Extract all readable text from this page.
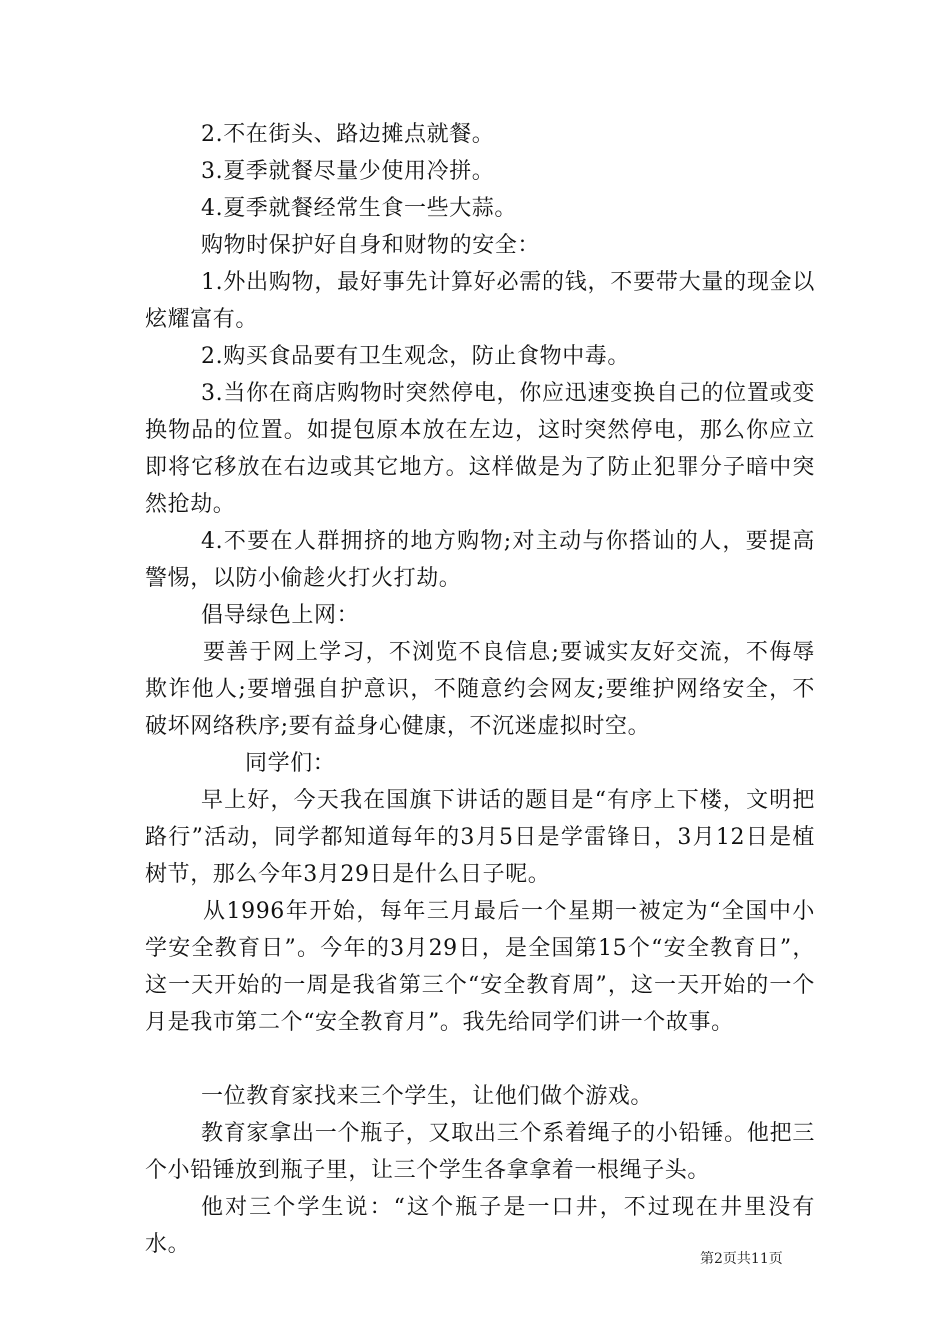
2.不在街头、路边摊点就餐。

3.夏季就餐尽量少使用冷拼。

4.夏季就餐经常生食一些大蒜。

购物时保护好自身和财物的安全：

1.外出购物，最好事先计算好必需的钱，不要带大量的现金以炫耀富有。

2.购买食品要有卫生观念，防止食物中毒。

3.当你在商店购物时突然停电，你应迅速变换自己的位置或变换物品的位置。如提包原本放在左边，这时突然停电，那么你应立即将它移放在右边或其它地方。这样做是为了防止犯罪分子暗中突然抢劫。

4.不要在人群拥挤的地方购物;对主动与你搭讪的人，要提高警惕，以防小偷趁火打火打劫。

倡导绿色上网：

要善于网上学习，不浏览不良信息;要诚实友好交流，不侮辱欺诈他人;要增强自护意识，不随意约会网友;要维护网络安全，不破坏网络秩序;要有益身心健康，不沉迷虚拟时空。

同学们：

早上好，今天我在国旗下讲话的题目是“有序上下楼，文明把路行”活动，同学都知道每年的3月5日是学雷锋日，3月12日是植树节，那么今年3月29日是什么日子呢。

从1996年开始，每年三月最后一个星期一被定为“全国中小学安全教育日”。今年的3月29日，是全国第15个“安全教育日”，这一天开始的一周是我省第三个“安全教育周”，这一天开始的一个月是我市第二个“安全教育月”。我先给同学们讲一个故事。

一位教育家找来三个学生，让他们做个游戏。

教育家拿出一个瓶子，又取出三个系着绳子的小铅锤。他把三个小铅锤放到瓶子里，让三个学生各拿拿着一根绳子头。

他对三个学生说：“这个瓶子是一口井，不过现在井里没有水。

第2页共11页
